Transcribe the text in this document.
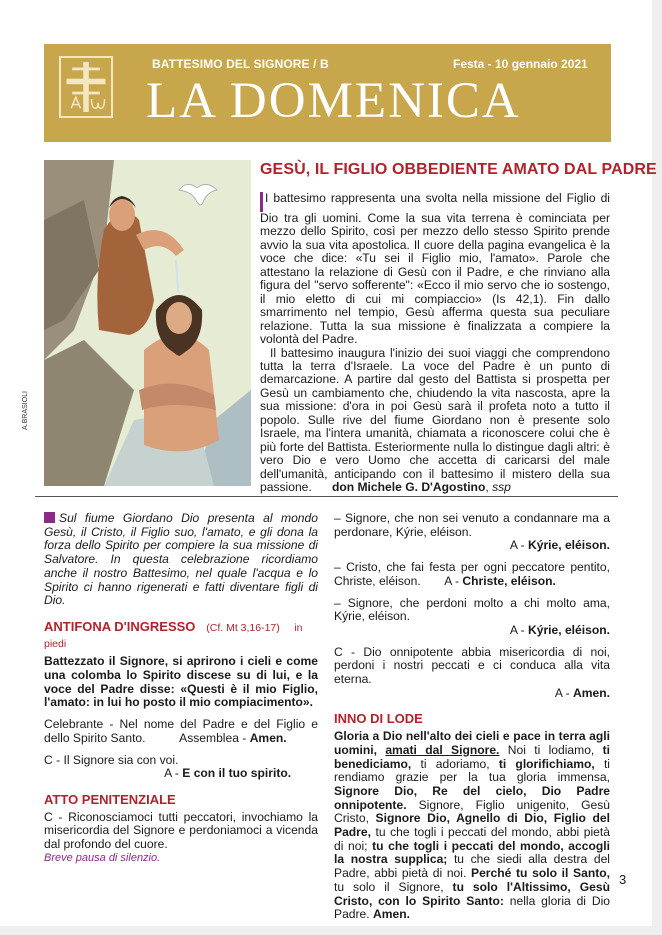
BATTESIMO DEL SIGNORE / B	Festa - 10 gennaio 2021
LA DOMENICA
A.BRASIOLI
GESÙ, IL FIGLIO OBBEDIENTE AMATO DAL PADRE

I battesimo rappresenta una svolta nella missione del Figlio di Dio tra gli uomini. Come la sua vita terrena è cominciata per mezzo dello Spirito, così per mezzo dello stesso Spirito prende avvio la sua vita apostolica. Il cuore della pagina evangelica è la voce che dice: «Tu sei il Figlio mio, l'amato». Parole che attestano la relazione di Gesù con il Padre, e che rinviano alla figura del "servo sofferente": «Ecco il mio servo che io sostengo, il mio eletto di cui mi compiaccio» (Is 42,1). Fin dallo smarrimento nel tempio, Gesù afferma questa sua peculiare relazione. Tutta la sua missione è finalizzata a compiere la volontà del Padre.

Il battesimo inaugura l'inizio dei suoi viaggi che comprendono tutta la terra d'Israele. La voce del Padre è un punto di demarcazione. A partire dal gesto del Battista si prospetta per Gesù un cambiamento che, chiudendo la vita nascosta, apre la sua missione: d'ora in poi Gesù sarà il profeta noto a tutto il popolo. Sulle rive del fiume Giordano non è presente solo Israele, ma l'intera umanità, chiamata a riconoscere colui che è più forte del Battista. Esteriormente nulla lo distingue dagli altri: è vero Dio e vero Uomo che accetta di caricarsi del male dell'umanità, anticipando con il battesimo il mistero della sua passione. don Michele G. D'Agostino, ssp

Sul fiume Giordano Dio presenta al mondo Gesù, il Cristo, il Figlio suo, l'amato, e gli dona la forza dello Spirito per compiere la sua missione di Salvatore. In questa celebrazione ricordiamo anche il nostro Battesimo, nel quale l'acqua e lo Spirito ci hanno rigenerati e fatti diventare figli di Dio.

ANTIFONA D'INGRESSO (Cf. Mt 3,16-17) in piedi

Battezzato il Signore, si aprirono i cieli e come una colomba lo Spirito discese su di lui, e la voce del Padre disse: «Questi è il mio Figlio, l'amato: in lui ho posto il mio compiacimento».

Celebrante - Nel nome del Padre e del Figlio e dello Spirito Santo.	Assemblea - Amen.

C - Il Signore sia con voi.

A - E con il tuo spirito.

ATTO PENITENZIALE

C - Riconosciamoci tutti peccatori, invochiamo la misericordia del Signore e perdoniamoci a vicenda dal profondo del cuore.

Breve pausa di silenzio.

– Signore, che non sei venuto a condannare ma a perdonare, Kýrie, eléison.

A - Kýrie, eléison.

– Cristo, che fai festa per ogni peccatore pentito, Christe, eléison. A - Christe, eléison.

– Signore, che perdoni molto a chi molto ama, Kýrie, eléison.

A - Kýrie, eléison.

C - Dio onnipotente abbia misericordia di noi, perdoni i nostri peccati e ci conduca alla vita eterna.

A - Amen.

INNO DI LODE

Gloria a Dio nell'alto dei cieli e pace in terra agli uomini, amati dal Signore. Noi ti lodiamo, ti benediciamo, ti adoriamo, ti glorifichiamo, ti rendiamo grazie per la tua gloria immensa, Signore Dio, Re del cielo, Dio Padre onnipotente. Signore, Figlio unigenito, Gesù Cristo, Signore Dio, Agnello di Dio, Figlio del Padre, tu che togli i peccati del mondo, abbi pietà di noi; tu che togli i peccati del mondo, accogli la nostra supplica; tu che siedi alla destra del Padre, abbi pietà di noi. Perché tu solo il Santo, tu solo il Signore, tu solo l'Altissimo, Gesù Cristo, con lo Spirito Santo: nella gloria di Dio Padre. Amen.

3
